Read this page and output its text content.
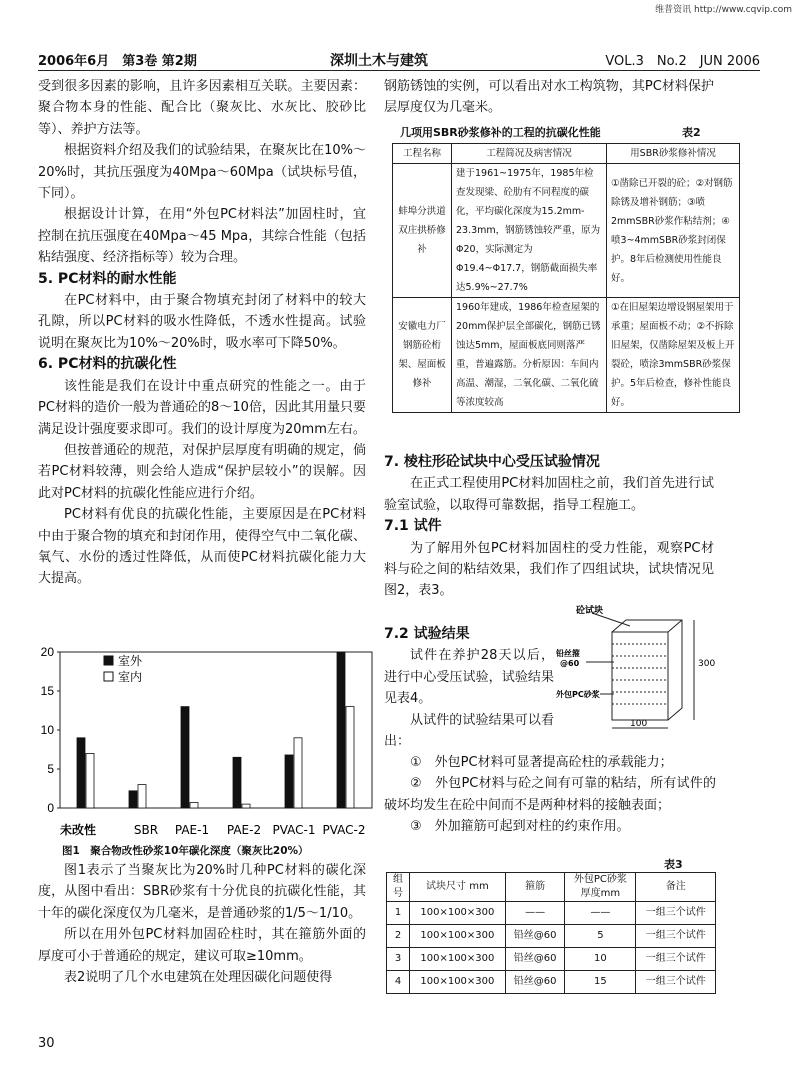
维普资讯 http://www.cqvip.com
2006年6月　第3卷 第2期	深圳土木与建筑	VOL.3　No.2　JUN 2006

受到很多因素的影响，且许多因素相互关联。主要因素：聚合物本身的性能、配合比（聚灰比、水灰比、胶砂比等）、养护方法等。

根据资料介绍及我们的试验结果，在聚灰比在10%～20%时，其抗压强度为40Mpa～60Mpa（试块标号值，下同）。

根据设计计算，在用“外包PC材料法”加固柱时，宜控制在抗压强度在40Mpa～45 Mpa，其综合性能（包括粘结强度、经济指标等）较为合理。

5. PC材料的耐水性能

在PC材料中，由于聚合物填充封闭了材料中的较大孔隙，所以PC材料的吸水性降低，不透水性提高。试验说明在聚灰比为10%～20%时，吸水率可下降50%。

6. PC材料的抗碳化性

该性能是我们在设计中重点研究的性能之一。由于PC材料的造价一般为普通砼的8～10倍，因此其用量只要满足设计强度要求即可。我们的设计厚度为20mm左右。

但按普通砼的规范，对保护层厚度有明确的规定，倘若PC材料较薄，则会给人造成“保护层较小”的误解。因此对PC材料的抗碳化性能应进行介绍。

PC材料有优良的抗碳化性能，主要原因是在PC材料中由于聚合物的填充和封闭作用，使得空气中二氧化碳、氧气、水份的透过性降低，从而使PC材料抗碳化能力大大提高。

0
5
10
15
20
室外
室内
未改性	SBR PAE-1 PAE-2 PVAC-1 PVAC-2
图1　聚合物改性砂浆10年碳化深度（聚灰比20%）

图1表示了当聚灰比为20%时几种PC材料的碳化深度，从图中看出：SBR砂浆有十分优良的抗碳化性能，其十年的碳化深度仅为几毫米，是普通砂浆的1/5～1/10。

所以在用外包PC材料加固砼柱时，其在箍筋外面的厚度可小于普通砼的规定，建议可取≥10mm。

表2说明了几个水电建筑在处理因碳化问题使得

钢筋锈蚀的实例，可以看出对水工构筑物，其PC材料保护层厚度仅为几毫米。

几项用SBR砂浆修补的工程的抗碳化性能	表2
工程名称	工程简况及病害情况	用SBR砂浆修补情况
蚌埠分洪道双庄拱桥修补	建于1961~1975年，1985年检查发现梁、砼肋有不同程度的碳化，平均碳化深度为15.2mm-23.3mm，钢筋锈蚀较严重，原为Φ20，实际测定为Φ19.4~Φ17.7，钢筋截面损失率达5.9%~27.7%	①凿除已开裂的砼；②对钢筋除锈及增补钢筋；③喷2mmSBR砂浆作粘结剂；④喷3~4mmSBR砂浆封闭保护。8年后检测使用性能良好。
安徽电力厂钢筋砼桁架、屋面板修补	1960年建成，1986年检查屋架的20mm保护层全部碳化，钢筋已锈蚀达5mm，屋面板底同则落严重，普遍露筋。分析原因：车间内高温、潮湿，二氧化碳、二氧化硫等浓度较高	①在旧屋架边增设钢屋架用于承重；屋面板不动；②不拆除旧屋架，仅凿除屋架及板上开裂砼，喷涂3mmSBR砂浆保护。5年后检查，修补性能良好。

7. 棱柱形砼试块中心受压试验情况

在正式工程使用PC材料加固柱之前，我们首先进行试验室试验，以取得可靠数据，指导工程施工。

7.1 试件

为了解用外包PC材料加固柱的受力性能，观察PC材料与砼之间的粘结效果，我们作了四组试块，试块情况见图2，表3。

7.2 试验结果

试件在养护28天以后，进行中心受压试验，试验结果见表4。

从试件的试验结果可以看出：

砼试块
铅丝箍
@60
外包PC砂浆
300
100

①　外包PC材料可显著提高砼柱的承载能力；

②　外包PC材料与砼之间有可靠的粘结，所有试件的破坏均发生在砼中间而不是两种材料的接触表面；

③　外加箍筋可起到对柱的约束作用。

表3
组号	试块尺寸 mm	箍筋	外包PC砂浆厚度mm	备注
1	100×100×300	——	——	一组三个试件
2	100×100×300	铅丝@60	5	一组三个试件
3	100×100×300	铅丝@60	10	一组三个试件
4	100×100×300	铅丝@60	15	一组三个试件
30
